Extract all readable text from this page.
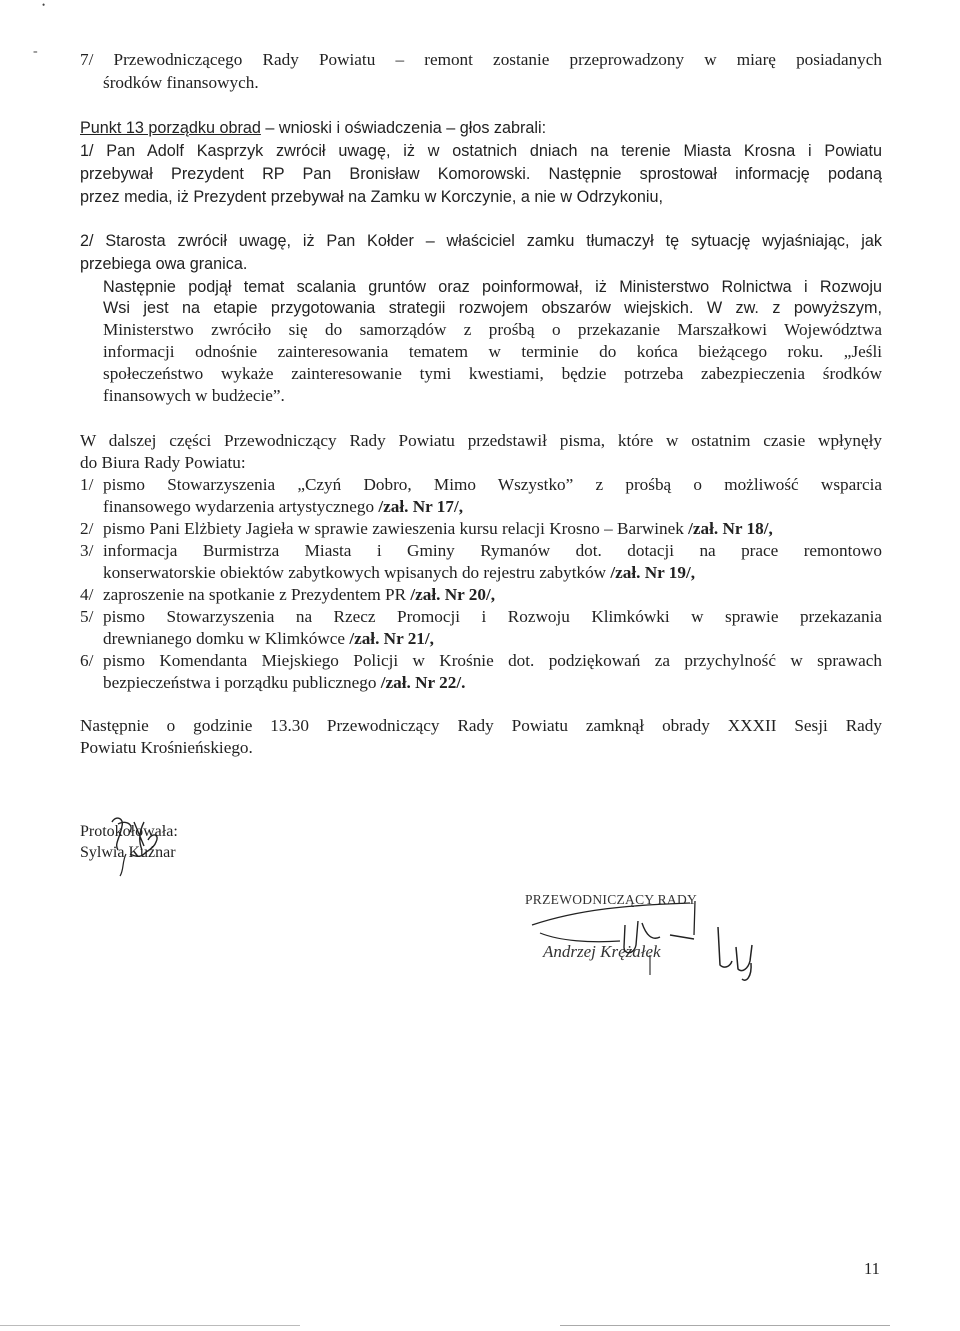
•
- 7/ Przewodniczącego Rady Powiatu – remont zostanie przeprowadzony w miarę posiadanych
środków finansowych.
Punkt 13 porządku obrad – wnioski i oświadczenia – głos zabrali:
1/ Pan Adolf Kasprzyk zwrócił uwagę, iż w ostatnich dniach na terenie Miasta Krosna i Powiatu
przebywał Prezydent RP Pan Bronisław Komorowski. Następnie sprostował informację podaną
przez media, iż Prezydent przebywał na Zamku w Korczynie, a nie w Odrzykoniu,
2/ Starosta zwrócił uwagę, iż Pan Kołder – właściciel zamku tłumaczył tę sytuację wyjaśniając, jak
przebiega owa granica.
Następnie podjął temat scalania gruntów oraz poinformował, iż Ministerstwo Rolnictwa i Rozwoju
Wsi jest na etapie przygotowania strategii rozwojem obszarów wiejskich. W zw. z powyższym,
Ministerstwo zwróciło się do samorządów z prośbą o przekazanie Marszałkowi Województwa
informacji odnośnie zainteresowania tematem w terminie do końca bieżącego roku. „Jeśli
społeczeństwo wykaże zainteresowanie tymi kwestiami, będzie potrzeba zabezpieczenia środków
finansowych w budżecie”.
W dalszej części Przewodniczący Rady Powiatu przedstawił pisma, które w ostatnim czasie wpłynęły
do Biura Rady Powiatu:
1/ pismo Stowarzyszenia „Czyń Dobro, Mimo Wszystko” z prośbą o możliwość wsparcia
finansowego wydarzenia artystycznego /zał. Nr 17/,
2/ pismo Pani Elżbiety Jagieła w sprawie zawieszenia kursu relacji Krosno – Barwinek /zał. Nr 18/,
3/ informacja Burmistrza Miasta i Gminy Rymanów dot. dotacji na prace remontowo
konserwatorskie obiektów zabytkowych wpisanych do rejestru zabytków /zał. Nr 19/,
4/ zaproszenie na spotkanie z Prezydentem PR /zał. Nr 20/,
5/ pismo Stowarzyszenia na Rzecz Promocji i Rozwoju Klimkówki w sprawie przekazania
drewnianego domku w Klimkówce /zał. Nr 21/,
6/ pismo Komendanta Miejskiego Policji w Krośnie dot. podziękowań za przychylność w sprawach
bezpieczeństwa i porządku publicznego /zał. Nr 22/.
Następnie o godzinie 13.30 Przewodniczący Rady Powiatu zamknął obrady XXXII Sesji Rady
Powiatu Krośnieńskiego.
Protokołowała:
Sylwia Kuźnar
PRZEWODNICZĄCY RADY
Andrzej Krężałek
11
